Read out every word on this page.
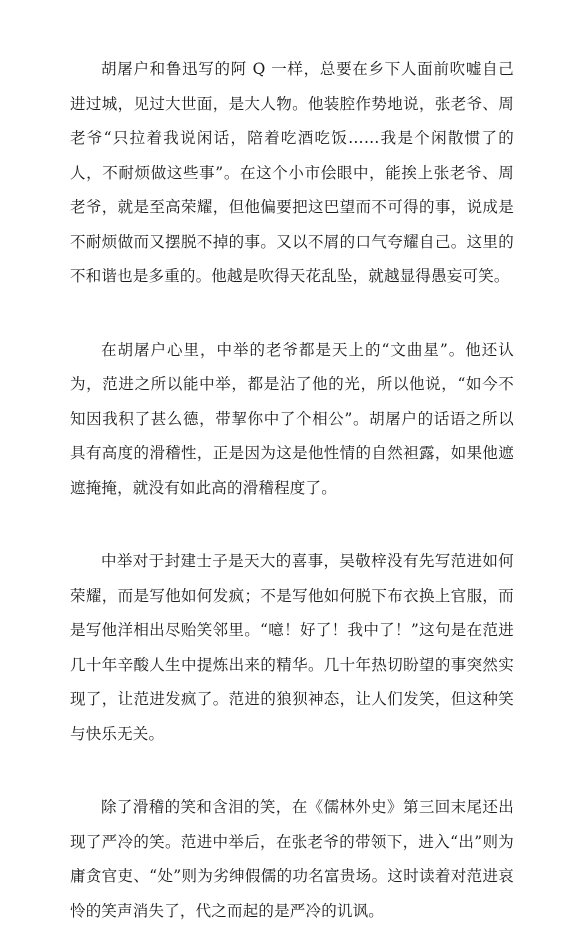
胡屠户和鲁迅写的阿 Q 一样，总要在乡下人面前吹嘘自己进过城，见过大世面，是大人物。他装腔作势地说，张老爷、周老爷“只拉着我说闲话，陪着吃酒吃饭……我是个闲散惯了的人，不耐烦做这些事”。在这个小市侩眼中，能挨上张老爷、周老爷，就是至高荣耀，但他偏要把这巴望而不可得的事，说成是不耐烦做而又摆脱不掉的事。又以不屑的口气夸耀自己。这里的不和谐也是多重的。他越是吹得天花乱坠，就越显得愚妄可笑。

在胡屠户心里，中举的老爷都是天上的“文曲星”。他还认为，范进之所以能中举，都是沾了他的光，所以他说，“如今不知因我积了甚么德，带挈你中了个相公”。胡屠户的话语之所以具有高度的滑稽性，正是因为这是他性情的自然袒露，如果他遮遮掩掩，就没有如此高的滑稽程度了。

中举对于封建士子是天大的喜事，吴敬梓没有先写范进如何荣耀，而是写他如何发疯；不是写他如何脱下布衣换上官服，而是写他洋相出尽贻笑邻里。“噫！好了！我中了！”这句是在范进几十年辛酸人生中提炼出来的精华。几十年热切盼望的事突然实现了，让范进发疯了。范进的狼狈神态，让人们发笑，但这种笑与快乐无关。

除了滑稽的笑和含泪的笑，在《儒林外史》第三回末尾还出现了严冷的笑。范进中举后，在张老爷的带领下，进入“出”则为庸贪官吏、“处”则为劣绅假儒的功名富贵场。这时读着对范进哀怜的笑声消失了，代之而起的是严冷的讥讽。
